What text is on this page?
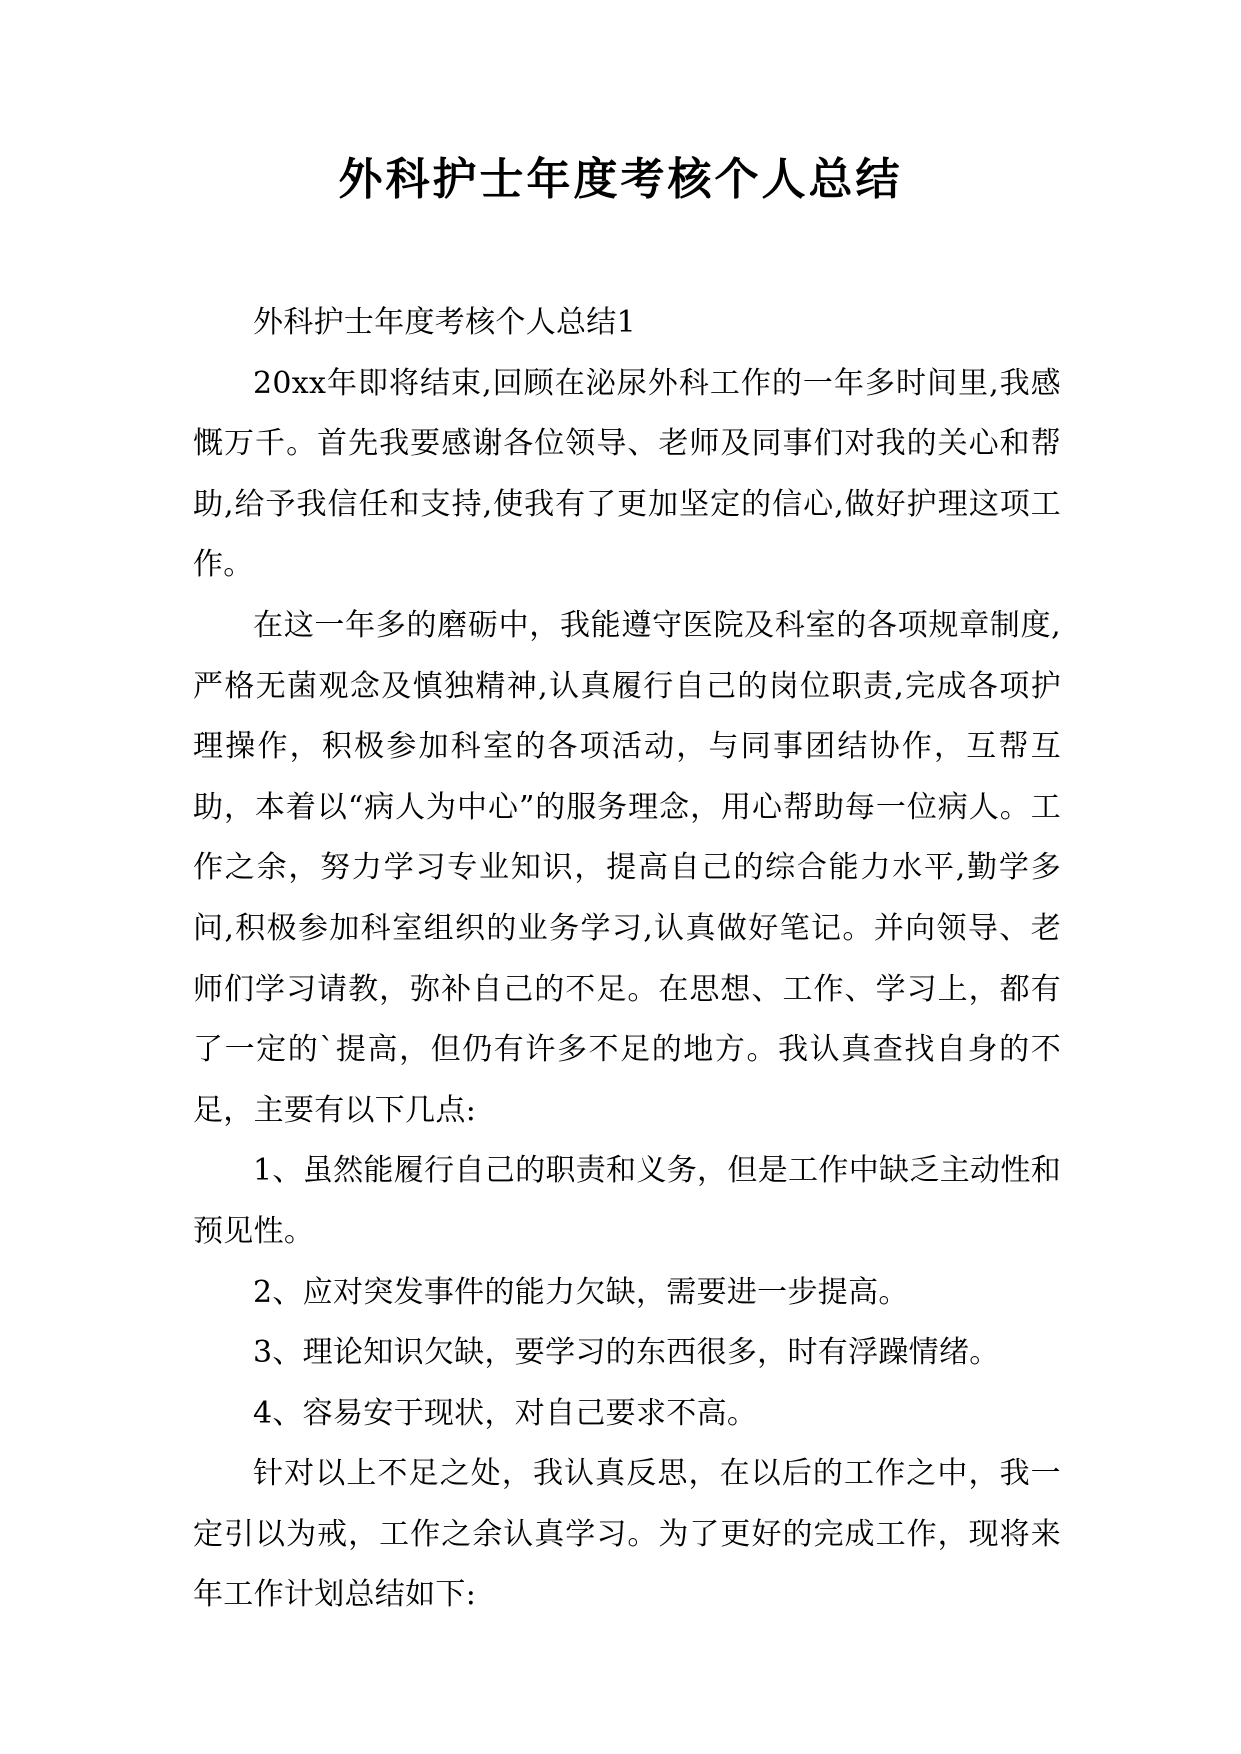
外科护士年度考核个人总结

外科护士年度考核个人总结1

20xx年即将结束,回顾在泌尿外科工作的一年多时间里,我感慨万千。首先我要感谢各位领导、老师及同事们对我的关心和帮助,给予我信任和支持,使我有了更加坚定的信心,做好护理这项工作。

在这一年多的磨砺中，我能遵守医院及科室的各项规章制度,严格无菌观念及慎独精神,认真履行自己的岗位职责,完成各项护理操作，积极参加科室的各项活动，与同事团结协作，互帮互助，本着以“病人为中心”的服务理念，用心帮助每一位病人。工作之余，努力学习专业知识，提高自己的综合能力水平,勤学多问,积极参加科室组织的业务学习,认真做好笔记。并向领导、老师们学习请教，弥补自己的不足。在思想、工作、学习上，都有了一定的`提高，但仍有许多不足的地方。我认真查找自身的不足，主要有以下几点:

1、虽然能履行自己的职责和义务，但是工作中缺乏主动性和预见性。

2、应对突发事件的能力欠缺，需要进一步提高。

3、理论知识欠缺，要学习的东西很多，时有浮躁情绪。

4、容易安于现状，对自己要求不高。

针对以上不足之处，我认真反思，在以后的工作之中，我一定引以为戒，工作之余认真学习。为了更好的完成工作，现将来年工作计划总结如下:
